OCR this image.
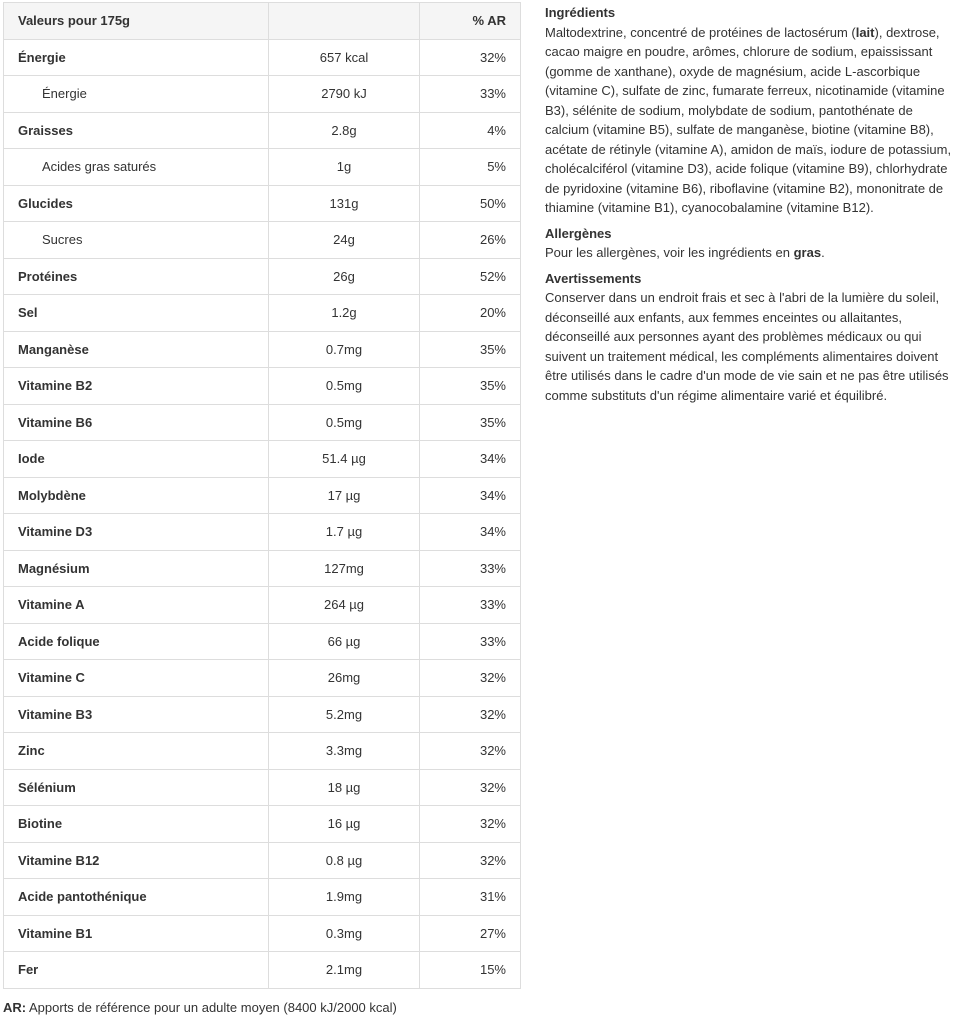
Valeurs pour 175g		% AR
Énergie	657 kcal	32%
Énergie	2790 kJ	33%
Graisses	2.8g	4%
Acides gras saturés	1g	5%
Glucides	131g	50%
Sucres	24g	26%
Protéines	26g	52%
Sel	1.2g	20%
Manganèse	0.7mg	35%
Vitamine B2	0.5mg	35%
Vitamine B6	0.5mg	35%
Iode	51.4 µg	34%
Molybdène	17 µg	34%
Vitamine D3	1.7 µg	34%
Magnésium	127mg	33%
Vitamine A	264 µg	33%
Acide folique	66 µg	33%
Vitamine C	26mg	32%
Vitamine B3	5.2mg	32%
Zinc	3.3mg	32%
Sélénium	18 µg	32%
Biotine	16 µg	32%
Vitamine B12	0.8 µg	32%
Acide pantothénique	1.9mg	31%
Vitamine B1	0.3mg	27%
Fer	2.1mg	15%
AR: Apports de référence pour un adulte moyen (8400 kJ/2000 kcal)

Ingrédients

Maltodextrine, concentré de protéines de lactosérum (lait), dextrose, cacao maigre en poudre, arômes, chlorure de sodium, epaississant (gomme de xanthane), oxyde de magnésium, acide L-ascorbique (vitamine C), sulfate de zinc, fumarate ferreux, nicotinamide (vitamine B3), sélénite de sodium, molybdate de sodium, pantothénate de calcium (vitamine B5), sulfate de manganèse, biotine (vitamine B8), acétate de rétinyle (vitamine A), amidon de maïs, iodure de potassium, cholécalciférol (vitamine D3), acide folique (vitamine B9), chlorhydrate de pyridoxine (vitamine B6), riboflavine (vitamine B2), mononitrate de thiamine (vitamine B1), cyanocobalamine (vitamine B12).

Allergènes

Pour les allergènes, voir les ingrédients en gras.

Avertissements

Conserver dans un endroit frais et sec à l'abri de la lumière du soleil, déconseillé aux enfants, aux femmes enceintes ou allaitantes, déconseillé aux personnes ayant des problèmes médicaux ou qui suivent un traitement médical, les compléments alimentaires doivent être utilisés dans le cadre d'un mode de vie sain et ne pas être utilisés comme substituts d'un régime alimentaire varié et équilibré.
